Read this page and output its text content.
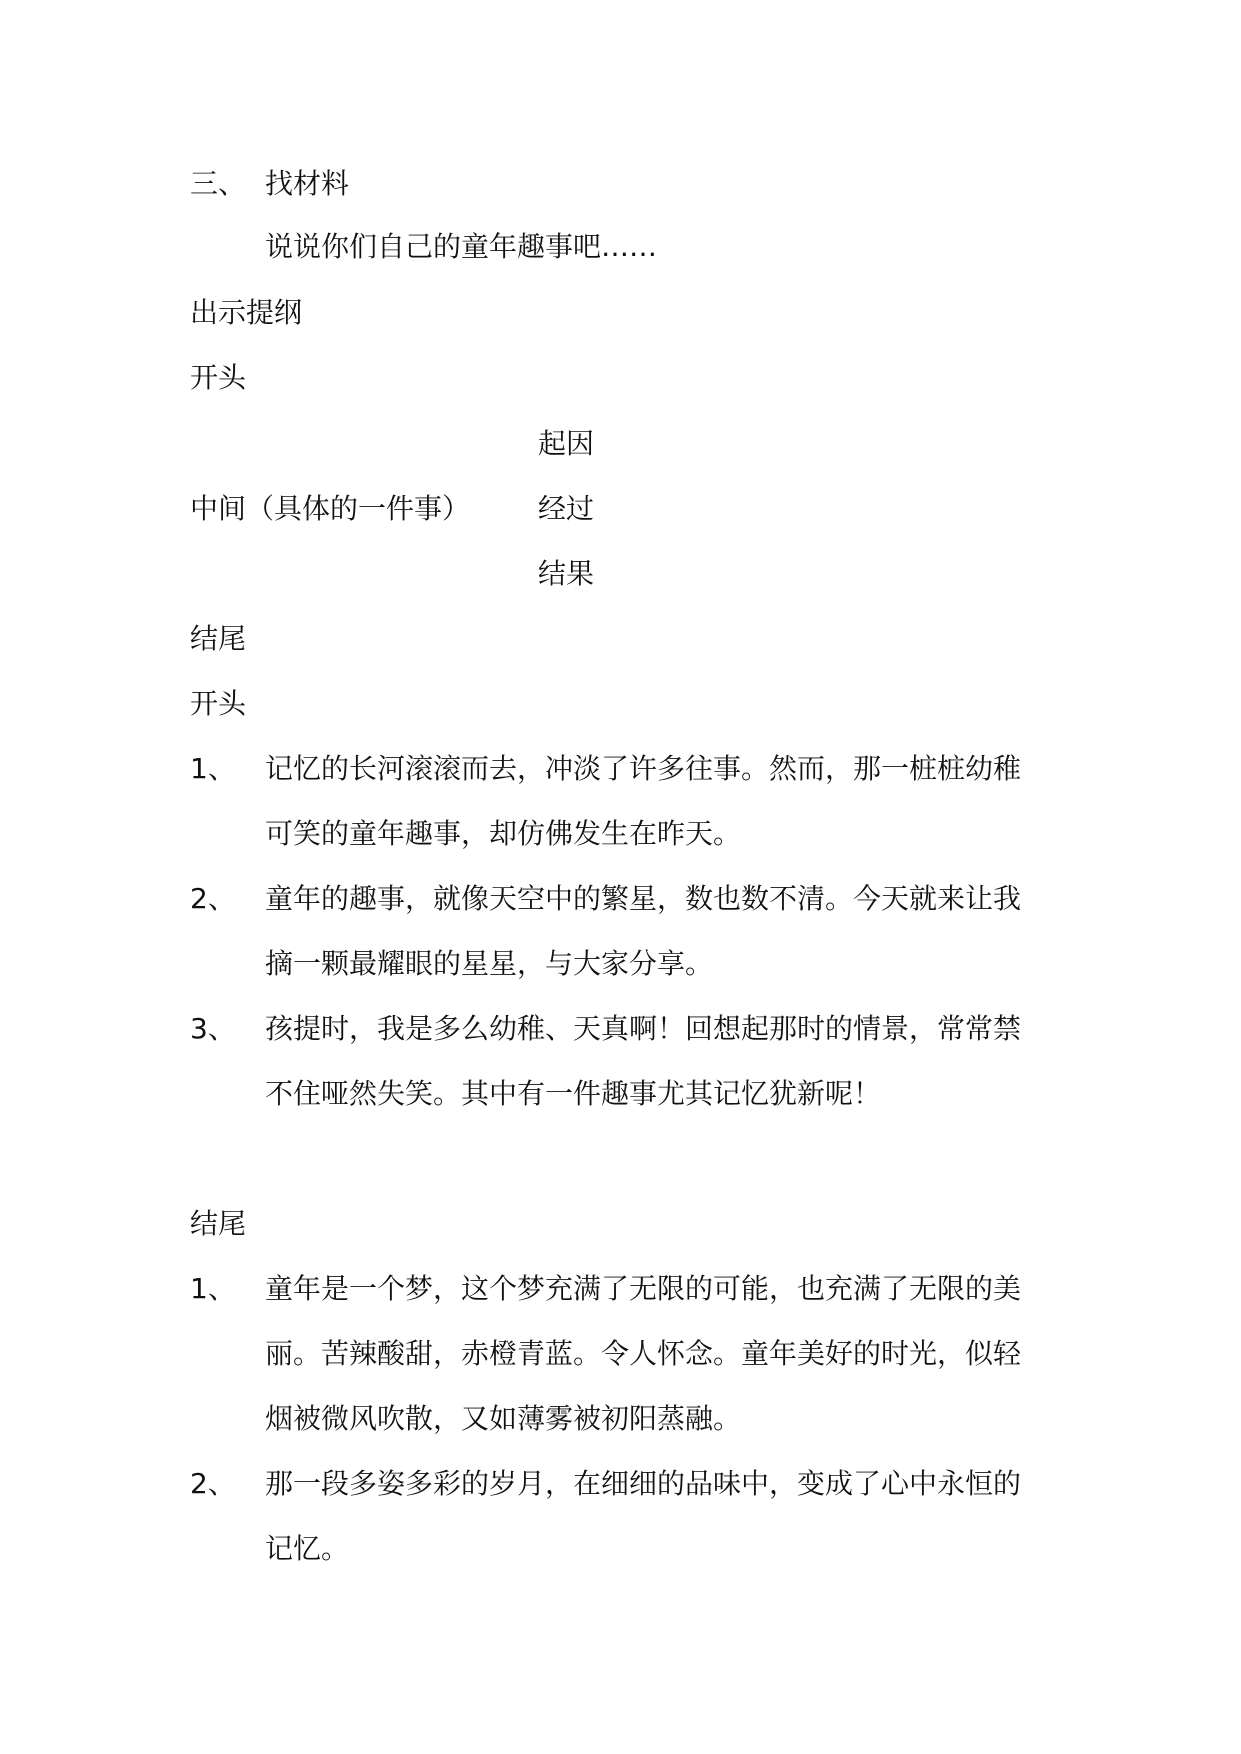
三、 找材料
说说你们自己的童年趣事吧……
出示提纲
开头
起因
中间（具体的一件事） 经过
结果
结尾
开头
1、 记忆的长河滚滚而去，冲淡了许多往事。然而，那一桩桩幼稚
可笑的童年趣事，却仿佛发生在昨天。
2、 童年的趣事，就像天空中的繁星，数也数不清。今天就来让我
摘一颗最耀眼的星星，与大家分享。
3、 孩提时，我是多么幼稚、天真啊！回想起那时的情景，常常禁
不住哑然失笑。其中有一件趣事尤其记忆犹新呢！
结尾
1、 童年是一个梦，这个梦充满了无限的可能，也充满了无限的美
丽。苦辣酸甜，赤橙青蓝。令人怀念。童年美好的时光，似轻
烟被微风吹散，又如薄雾被初阳蒸融。
2、 那一段多姿多彩的岁月，在细细的品味中，变成了心中永恒的
记忆。
